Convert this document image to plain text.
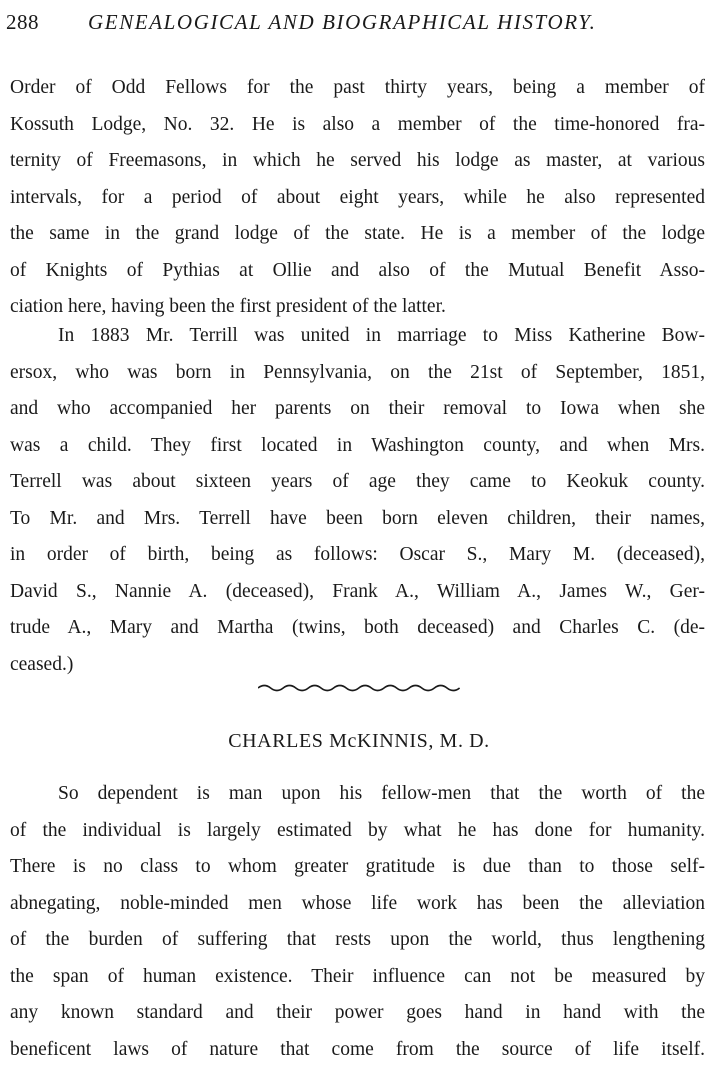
288 GENEALOGICAL AND BIOGRAPHICAL HISTORY.
Order of Odd Fellows for the past thirty years, being a member of
Kossuth Lodge, No. 32. He is also a member of the time-honored fra-
ternity of Freemasons, in which he served his lodge as master, at various
intervals, for a period of about eight years, while he also represented
the same in the grand lodge of the state. He is a member of the lodge
of Knights of Pythias at Ollie and also of the Mutual Benefit Asso-
ciation here, having been the first president of the latter.
In 1883 Mr. Terrill was united in marriage to Miss Katherine Bow-
ersox, who was born in Pennsylvania, on the 21st of September, 1851,
and who accompanied her parents on their removal to Iowa when she
was a child. They first located in Washington county, and when Mrs.
Terrell was about sixteen years of age they came to Keokuk county.
To Mr. and Mrs. Terrell have been born eleven children, their names,
in order of birth, being as follows: Oscar S., Mary M. (deceased),
David S., Nannie A. (deceased), Frank A., William A., James W., Ger-
trude A., Mary and Martha (twins, both deceased) and Charles C. (de-
ceased.)
CHARLES McKINNIS, M. D.
So dependent is man upon his fellow-men that the worth of the
of the individual is largely estimated by what he has done for humanity.
There is no class to whom greater gratitude is due than to those self-
abnegating, noble-minded men whose life work has been the alleviation
of the burden of suffering that rests upon the world, thus lengthening
the span of human existence. Their influence can not be measured by
any known standard and their power goes hand in hand with the
beneficent laws of nature that come from the source of life itself.
